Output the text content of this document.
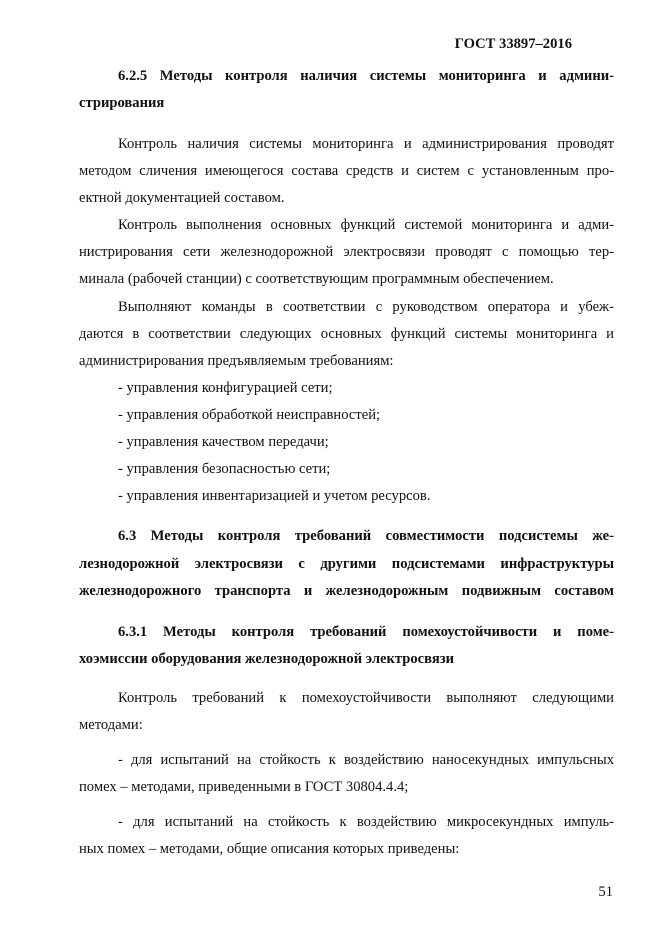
ГОСТ 33897–2016
6.2.5 Методы контроля наличия системы мониторинга и админи-
стрирования
Контроль наличия системы мониторинга и администрирования проводят
методом сличения имеющегося состава средств и систем с установленным про-
ектной документацией составом.
Контроль выполнения основных функций системой мониторинга и адми-
нистрирования сети железнодорожной электросвязи проводят с помощью тер-
минала (рабочей станции) с соответствующим программным обеспечением.
Выполняют команды в соответствии с руководством оператора и убеж-
даются в соответствии следующих основных функций системы мониторинга и
администрирования предъявляемым требованиям:
- управления конфигурацией сети;
- управления обработкой неисправностей;
- управления качеством передачи;
- управления безопасностью сети;
- управления инвентаризацией и учетом ресурсов.
6.3 Методы контроля требований совместимости подсистемы же-
лезнодорожной электросвязи с другими подсистемами инфраструктуры
железнодорожного транспорта и железнодорожным подвижным составом
6.3.1 Методы контроля требований помехоустойчивости и поме-
хоэмиссии оборудования железнодорожной электросвязи
Контроль требований к помехоустойчивости выполняют следующими
методами:
- для испытаний на стойкость к воздействию наносекундных импульсных
помех – методами, приведенными в ГОСТ 30804.4.4;
- для испытаний на стойкость к воздействию микросекундных импуль-
ных помех – методами, общие описания которых приведены:
51
